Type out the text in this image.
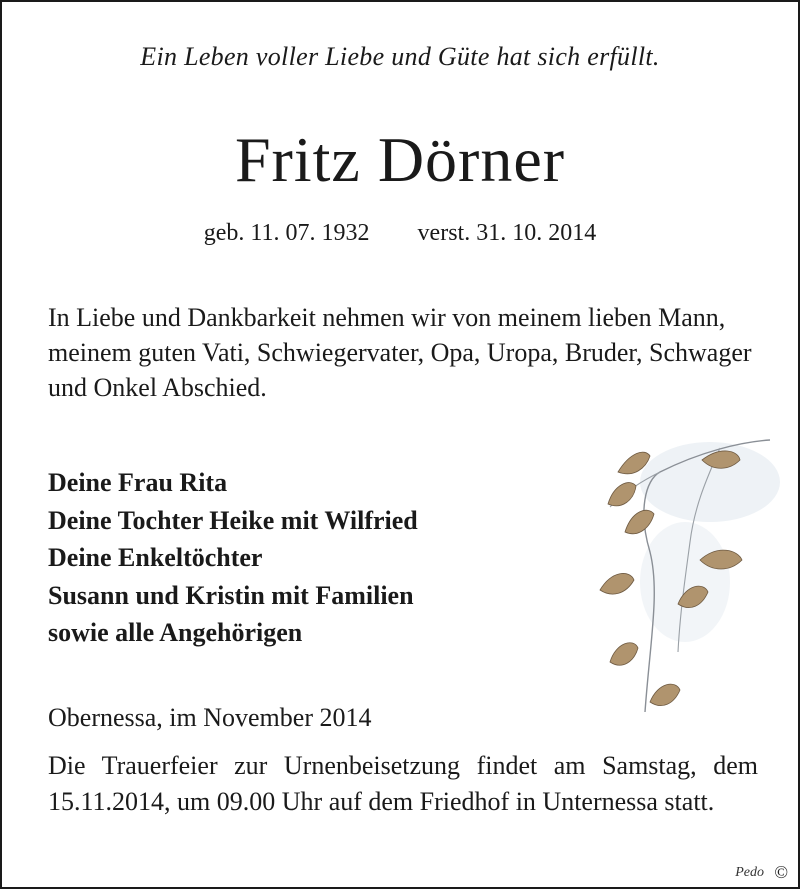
Ein Leben voller Liebe und Güte hat sich erfüllt.
Fritz Dörner
geb. 11. 07. 1932 verst. 31. 10. 2014
In Liebe und Dankbarkeit nehmen wir von meinem lieben Mann, meinem guten Vati, Schwiegervater, Opa, Uropa, Bruder, Schwager und Onkel Abschied.
Deine Frau Rita
Deine Tochter Heike mit Wilfried
Deine Enkeltöchter
Susann und Kristin mit Familien
sowie alle Angehörigen
Obernessa, im November 2014
Die Trauerfeier zur Urnenbeisetzung findet am Samstag, dem 15.11.2014, um 09.00 Uhr auf dem Friedhof in Unternessa statt.
Pedo ©
